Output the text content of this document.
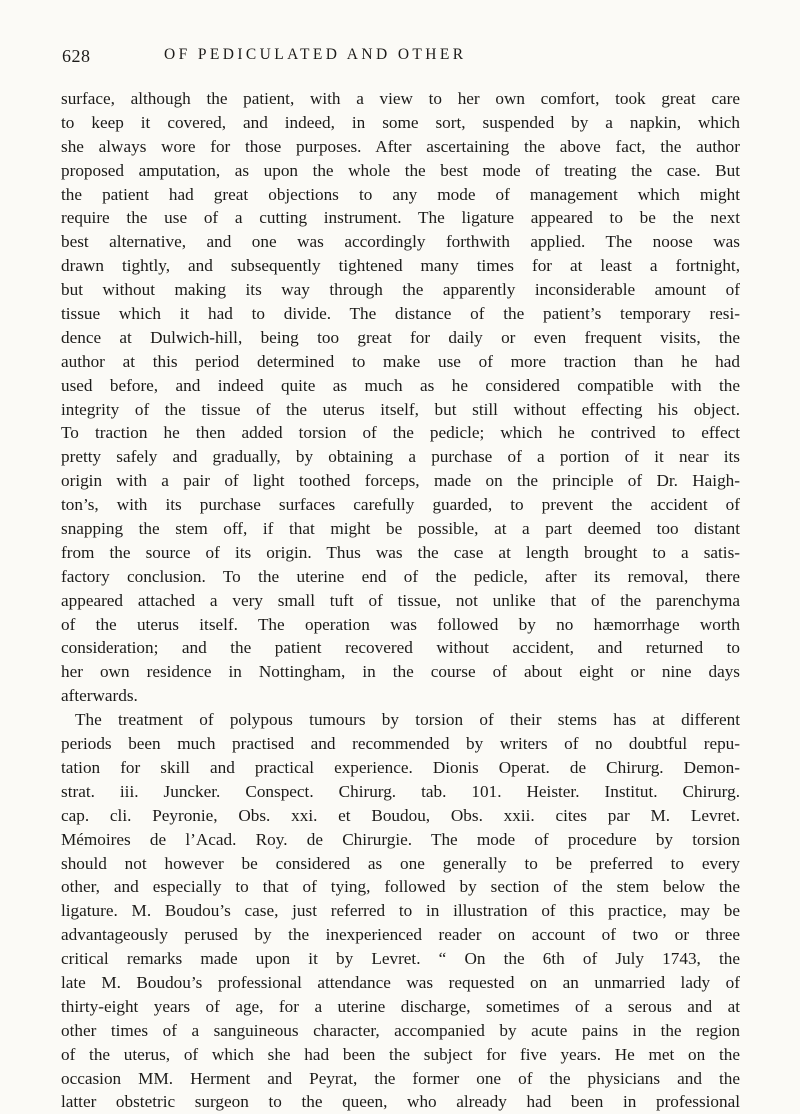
628	OF PEDICULATED AND OTHER
surface, although the patient, with a view to her own comfort, took great care
to keep it covered, and indeed, in some sort, suspended by a napkin, which
she always wore for those purposes. After ascertaining the above fact, the author
proposed amputation, as upon the whole the best mode of treating the case. But
the patient had great objections to any mode of management which might
require the use of a cutting instrument. The ligature appeared to be the next
best alternative, and one was accordingly forthwith applied. The noose was
drawn tightly, and subsequently tightened many times for at least a fortnight,
but without making its way through the apparently inconsiderable amount of
tissue which it had to divide. The distance of the patient’s temporary resi-
dence at Dulwich-hill, being too great for daily or even frequent visits, the
author at this period determined to make use of more traction than he had
used before, and indeed quite as much as he considered compatible with the
integrity of the tissue of the uterus itself, but still without effecting his object.
To traction he then added torsion of the pedicle; which he contrived to effect
pretty safely and gradually, by obtaining a purchase of a portion of it near its
origin with a pair of light toothed forceps, made on the principle of Dr. Haigh-
ton’s, with its purchase surfaces carefully guarded, to prevent the accident of
snapping the stem off, if that might be possible, at a part deemed too distant
from the source of its origin. Thus was the case at length brought to a satis-
factory conclusion. To the uterine end of the pedicle, after its removal, there
appeared attached a very small tuft of tissue, not unlike that of the parenchyma
of the uterus itself. The operation was followed by no hæmorrhage worth
consideration; and the patient recovered without accident, and returned to
her own residence in Nottingham, in the course of about eight or nine days
afterwards.
The treatment of polypous tumours by torsion of their stems has at different
periods been much practised and recommended by writers of no doubtful repu-
tation for skill and practical experience. Dionis Operat. de Chirurg. Demon-
strat. iii. Juncker. Conspect. Chirurg. tab. 101. Heister. Institut. Chirurg.
cap. cli. Peyronie, Obs. xxi. et Boudou, Obs. xxii. cites par M. Levret.
Mémoires de l’Acad. Roy. de Chirurgie. The mode of procedure by torsion
should not however be considered as one generally to be preferred to every
other, and especially to that of tying, followed by section of the stem below the
ligature. M. Boudou’s case, just referred to in illustration of this practice, may be
advantageously perused by the inexperienced reader on account of two or three
critical remarks made upon it by Levret. “ On the 6th of July 1743, the
late M. Boudou’s professional attendance was requested on an unmarried lady of
thirty-eight years of age, for a uterine discharge, sometimes of a serous and at
other times of a sanguineous character, accompanied by acute pains in the region
of the uterus, of which she had been the subject for five years. He met on the
occasion MM. Herment and Peyrat, the former one of the physicians and the
latter obstetric surgeon to the queen, who already had been in professional
